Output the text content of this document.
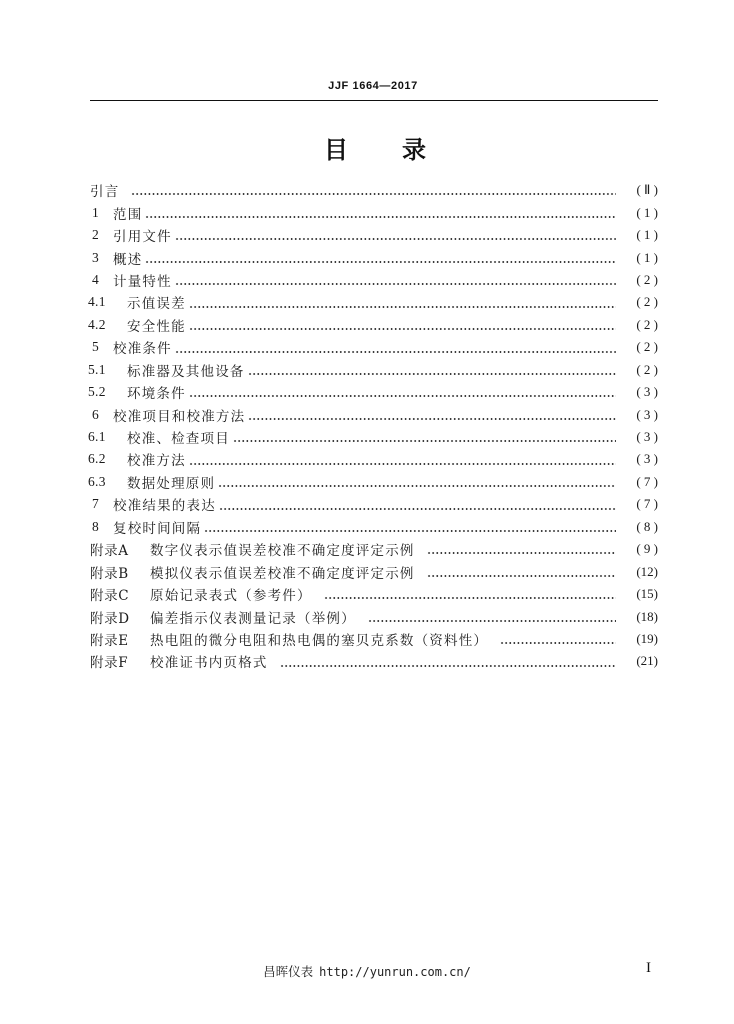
JJF 1664—2017
目　录
引言	( Ⅱ )
1	范围	( 1 )
2	引用文件	( 1 )
3	概述	( 1 )
4	计量特性	( 2 )
4.1	示值误差	( 2 )
4.2	安全性能	( 2 )
5	校准条件	( 2 )
5.1	标准器及其他设备	( 2 )
5.2	环境条件	( 3 )
6	校准项目和校准方法	( 3 )
6.1	校准、检查项目	( 3 )
6.2	校准方法	( 3 )
6.3	数据处理原则	( 7 )
7	校准结果的表达	( 7 )
8	复校时间间隔	( 8 )
附录A	数字仪表示值误差校准不确定度评定示例	( 9 )
附录B	模拟仪表示值误差校准不确定度评定示例	(12)
附录C	原始记录表式（参考件）	(15)
附录D	偏差指示仪表测量记录（举例）	(18)
附录E	热电阻的微分电阻和热电偶的塞贝克系数（资料性）	(19)
附录F	校准证书内页格式	(21)
昌晖仪表 http://yunrun.com.cn/	I
